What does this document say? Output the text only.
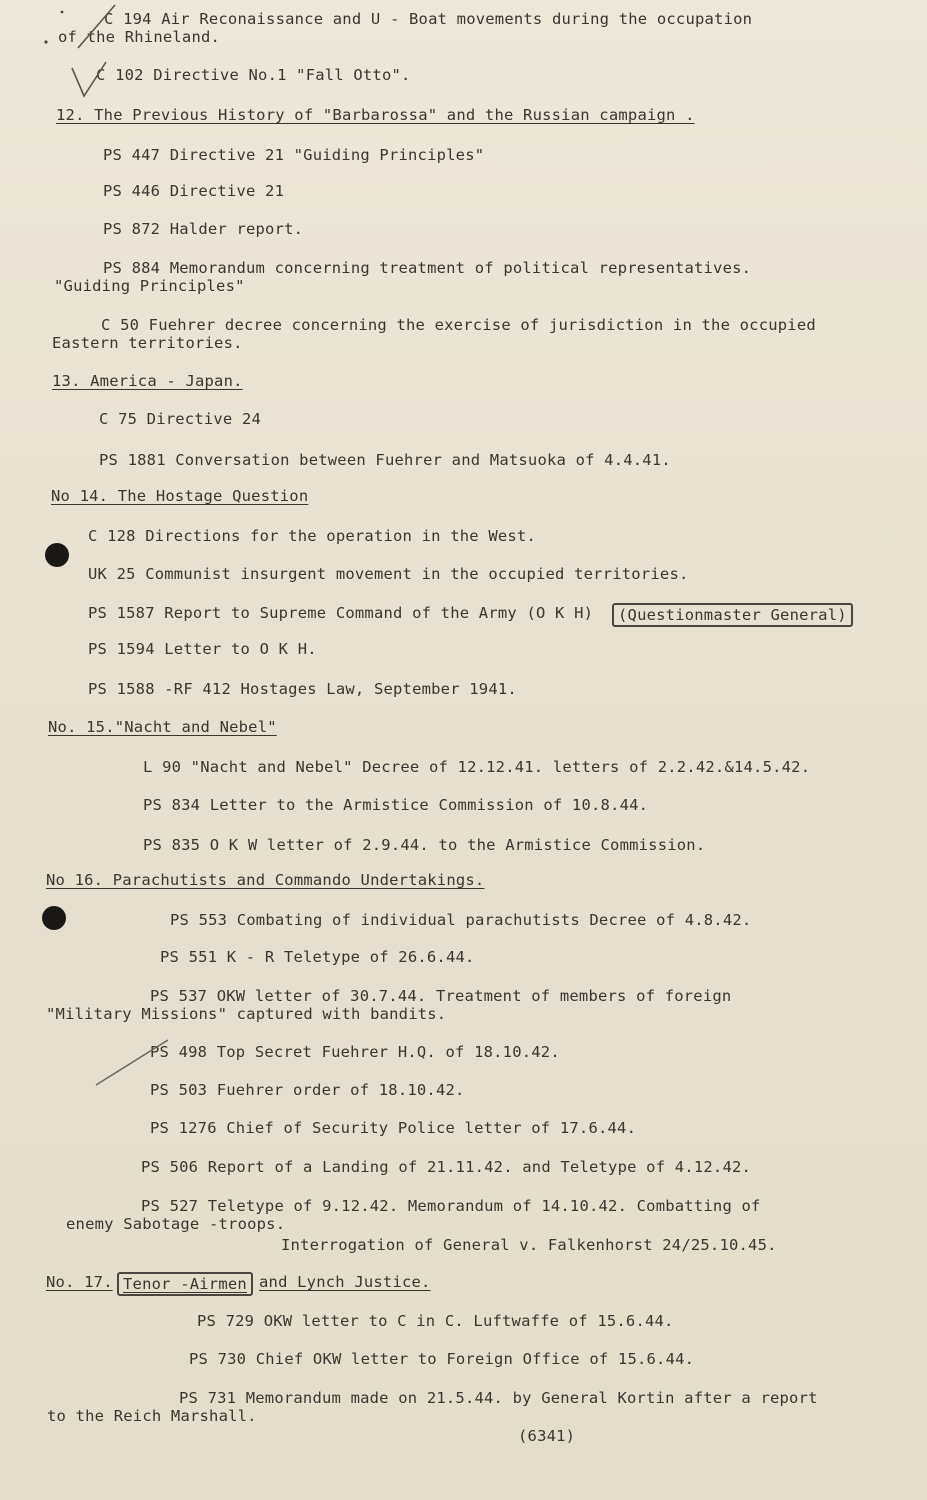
C 194 Air Reconaissance and U - Boat movements during the occupation
of the Rhineland.
C 102 Directive No.1 "Fall Otto".
12. The Previous History of "Barbarossa" and the Russian campaign .
PS 447 Directive 21 "Guiding Principles"
PS 446 Directive 21
PS 872 Halder report.
PS 884 Memorandum concerning treatment of political representatives.
"Guiding Principles"
C 50 Fuehrer decree concerning the exercise of jurisdiction in the occupied
Eastern territories.
13. America - Japan.
C 75 Directive 24
PS 1881 Conversation between Fuehrer and Matsuoka of 4.4.41.
No 14. The Hostage Question
C 128 Directions for the operation in the West.
UK 25 Communist insurgent movement in the occupied territories.
PS 1587 Report to Supreme Command of the Army (O K H)	(Questionmaster General)
PS 1594 Letter to O K H.
PS 1588 -RF 412 Hostages Law, September 1941.
No. 15."Nacht and Nebel"
L 90 "Nacht and Nebel" Decree of 12.12.41. letters of 2.2.42.&14.5.42.
PS 834 Letter to the Armistice Commission of 10.8.44.
PS 835 O K W letter of 2.9.44. to the Armistice Commission.
No 16. Parachutists and Commando Undertakings.
PS 553 Combating of individual parachutists Decree of 4.8.42.
PS 551 K - R Teletype of 26.6.44.
PS 537 OKW letter of 30.7.44. Treatment of members of foreign
"Military Missions" captured with bandits.
PS 498 Top Secret Fuehrer H.Q. of 18.10.42.
PS 503 Fuehrer order of 18.10.42.
PS 1276 Chief of Security Police letter of 17.6.44.
PS 506 Report of a Landing of 21.11.42. and Teletype of 4.12.42.
PS 527 Teletype of 9.12.42. Memorandum of 14.10.42. Combatting of
enemy Sabotage -troops.
Interrogation of General v. Falkenhorst 24/25.10.45.
No. 17. Tenor -Airmen and Lynch Justice.
PS 729 OKW letter to C in C. Luftwaffe of 15.6.44.
PS 730 Chief OKW letter to Foreign Office of 15.6.44.
PS 731 Memorandum made on 21.5.44. by General Kortin after a report
to the Reich Marshall.
(6341)
